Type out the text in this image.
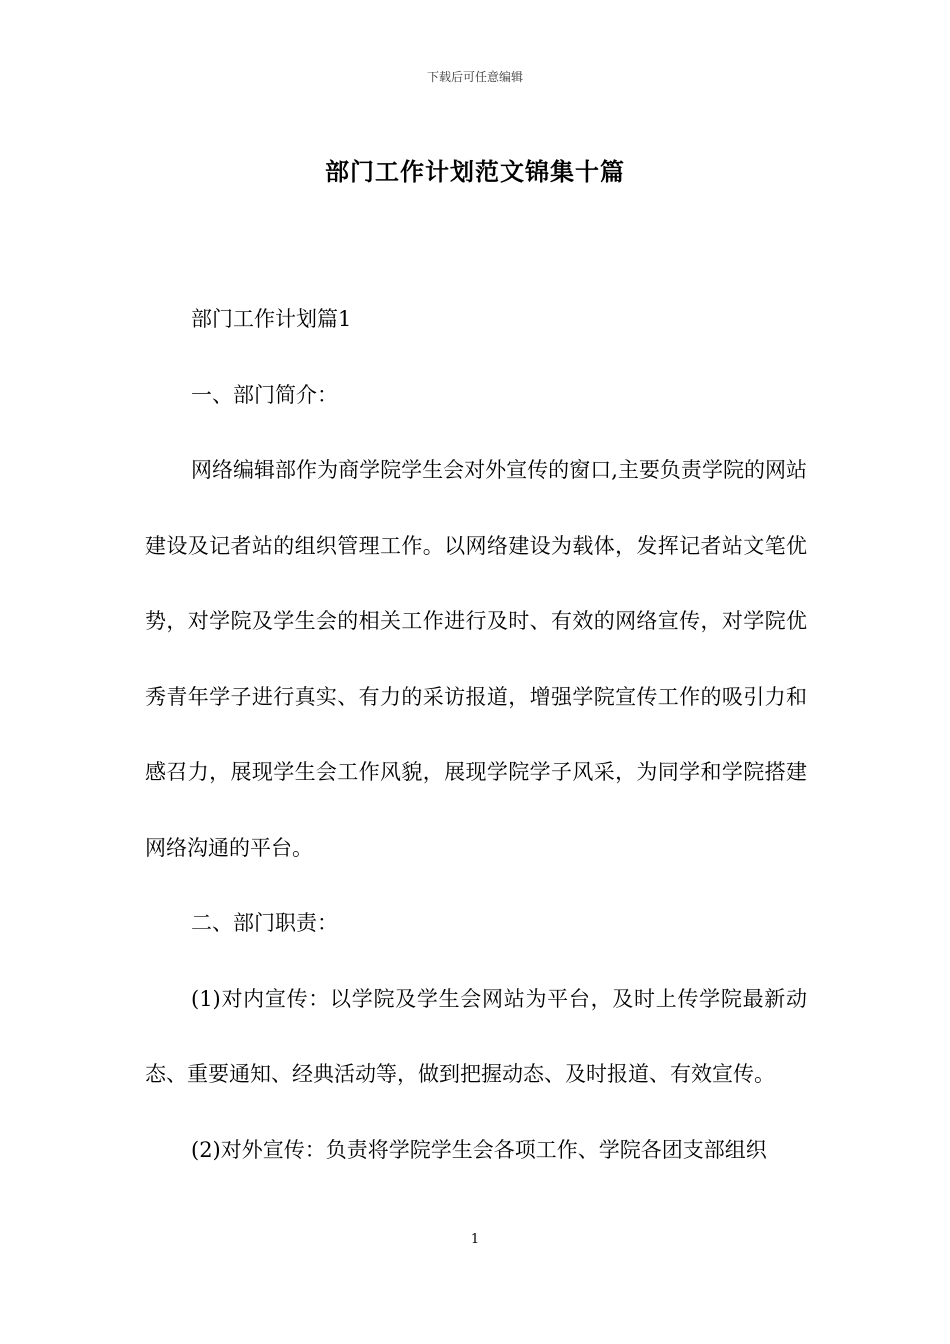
下载后可任意编辑
部门工作计划范文锦集十篇

部门工作计划篇1

一、部门简介：

网络编辑部作为商学院学生会对外宣传的窗口,主要负责学院的网站建设及记者站的组织管理工作。以网络建设为载体，发挥记者站文笔优势，对学院及学生会的相关工作进行及时、有效的网络宣传，对学院优秀青年学子进行真实、有力的采访报道，增强学院宣传工作的吸引力和感召力，展现学生会工作风貌，展现学院学子风采，为同学和学院搭建网络沟通的平台。

二、部门职责：

(1)对内宣传：以学院及学生会网站为平台，及时上传学院最新动态、重要通知、经典活动等，做到把握动态、及时报道、有效宣传。

(2)对外宣传：负责将学院学生会各项工作、学院各团支部组织

1
